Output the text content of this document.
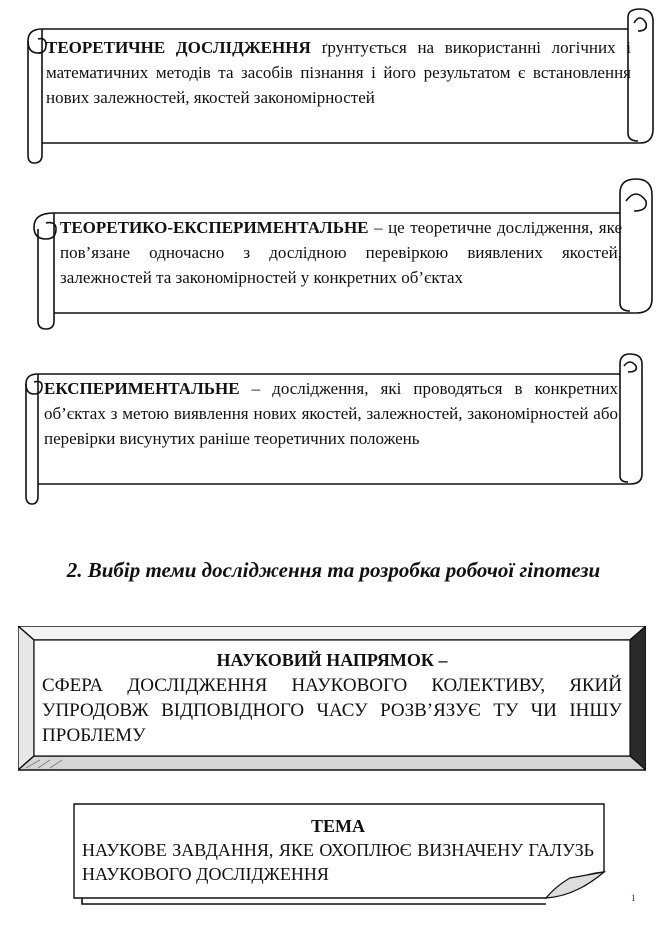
ТЕОРЕТИЧНЕ ДОСЛІДЖЕННЯ ґрунтується на використанні логічних і математичних методів та засобів пізнання і його результатом є встановлення нових залежностей, якостей закономірностей
ТЕОРЕТИКО-ЕКСПЕРИМЕНТАЛЬНЕ – це теоретичне дослідження, яке пов’язане одночасно з дослідною перевіркою виявлених якостей, залежностей та закономірностей у конкретних об’єктах
ЕКСПЕРИМЕНТАЛЬНЕ – дослідження, які проводяться в конкретних об’єктах з метою виявлення нових якостей, залежностей, закономірностей або перевірки висунутих раніше теоретичних положень
2. Вибір теми дослідження та розробка робочої гіпотези
НАУКОВИЙ НАПРЯМОК –
СФЕРА ДОСЛІДЖЕННЯ НАУКОВОГО КОЛЕКТИВУ, ЯКИЙ УПРОДОВЖ ВІДПОВІДНОГО ЧАСУ РОЗВ’ЯЗУЄ ТУ ЧИ ІНШУ ПРОБЛЕМУ
ТЕМА
НАУКОВЕ ЗАВДАННЯ, ЯКЕ ОХОПЛЮЄ ВИЗНАЧЕНУ ГАЛУЗЬ НАУКОВОГО ДОСЛІДЖЕННЯ
1
